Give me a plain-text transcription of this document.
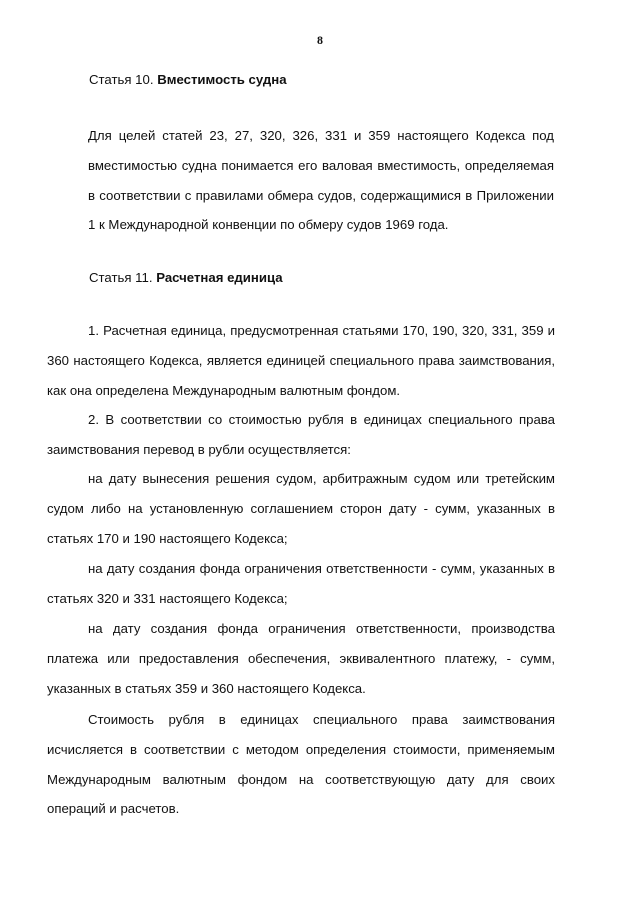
8
Статья 10. Вместимость судна
Для целей статей 23, 27, 320, 326, 331 и 359 настоящего Кодекса под вместимостью судна понимается его валовая вместимость, определяемая в соответствии с правилами обмера судов, содержащимися в Приложении 1 к Международной конвенции по обмеру судов 1969 года.
Статья 11. Расчетная единица
1. Расчетная единица, предусмотренная статьями 170, 190, 320, 331, 359 и 360 настоящего Кодекса, является единицей специального права заимствования, как она определена Международным валютным фондом.
2. В соответствии со стоимостью рубля в единицах специального права заимствования перевод в рубли осуществляется:
на дату вынесения решения судом, арбитражным судом или третейским судом либо на установленную соглашением сторон дату - сумм, указанных в статьях 170 и 190 настоящего Кодекса;
на дату создания фонда ограничения ответственности - сумм, указанных в статьях 320 и 331 настоящего Кодекса;
на дату создания фонда ограничения ответственности, производства платежа или предоставления обеспечения, эквивалентного платежу, - сумм, указанных в статьях 359 и 360 настоящего Кодекса.
Стоимость рубля в единицах специального права заимствования исчисляется в соответствии с методом определения стоимости, применяемым Международным валютным фондом на соответствующую дату для своих операций и расчетов.
